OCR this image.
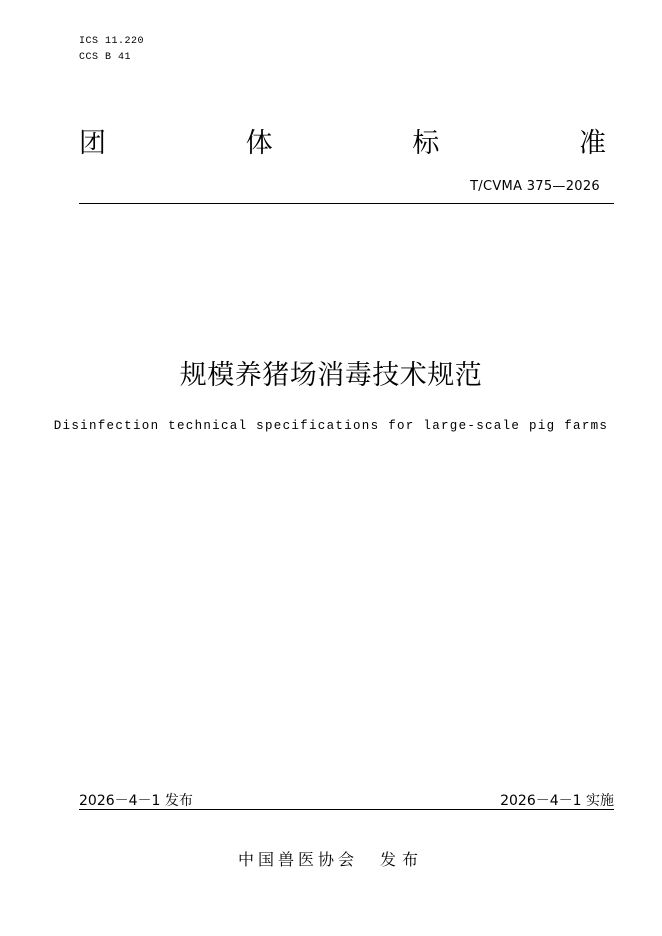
ICS 11.220
CCS B 41
团	体	标	准
T/CVMA 375—2026
规模养猪场消毒技术规范
Disinfection technical specifications for large-scale pig farms
2026－4－1 发布	2026－4－1 实施
中国兽医协会 发布
